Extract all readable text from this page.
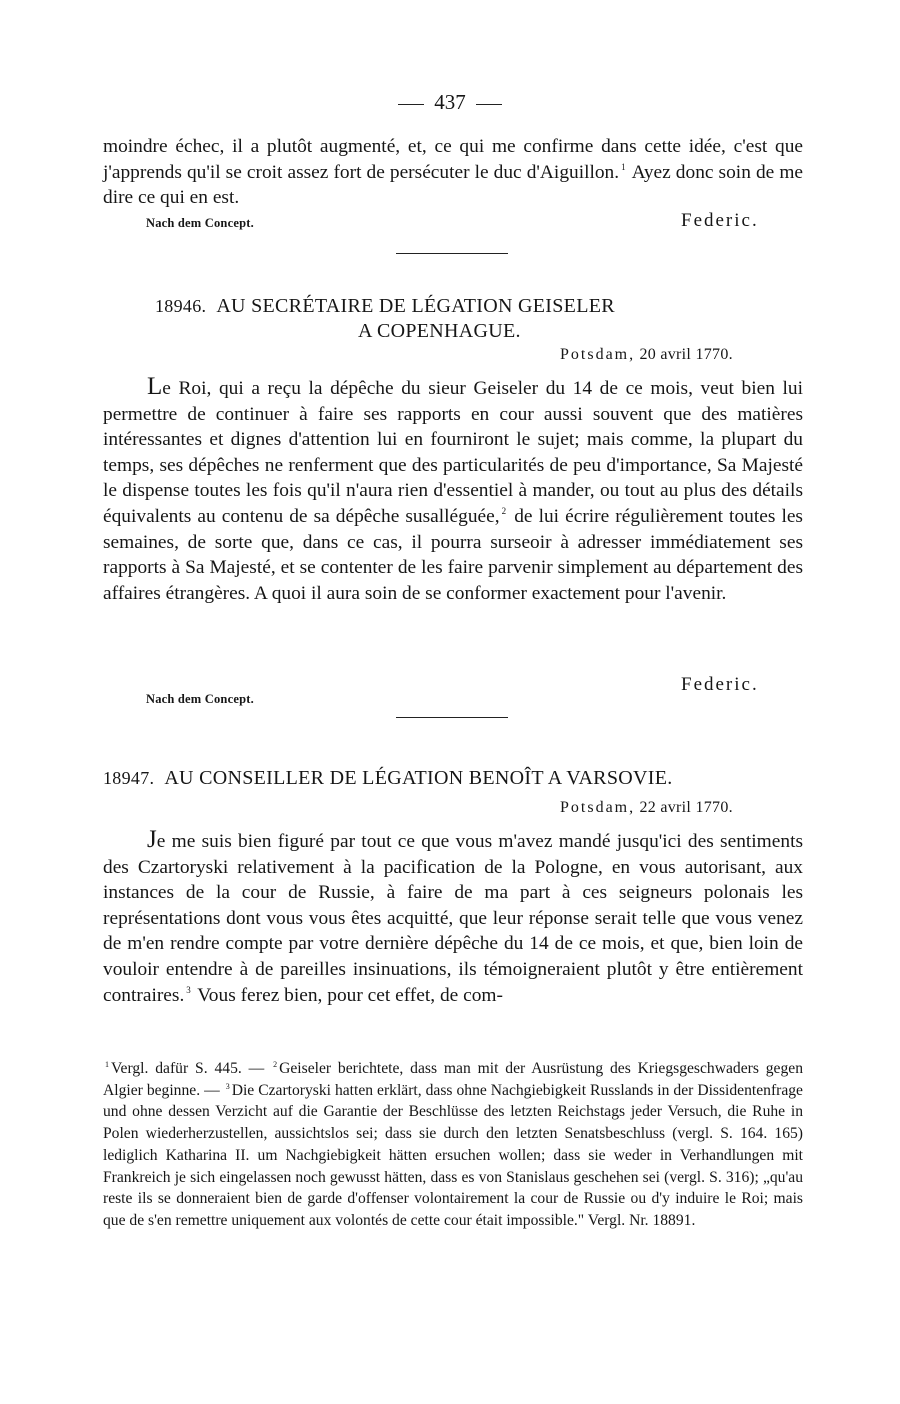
437
moindre échec, il a plutôt augmenté, et, ce qui me confirme dans cette idée, c'est que j'apprends qu'il se croit assez fort de persécuter le duc d'Aiguillon. $^1$ Ayez donc soin de me dire ce qui en est.
Nach dem Concept.	Federic.
18946. AU SECRÉTAIRE DE LÉGATION GEISELER
A COPENHAGUE.
Potsdam, 20 avril 1770.
Le Roi, qui a reçu la dépêche du sieur Geiseler du 14 de ce mois, veut bien lui permettre de continuer à faire ses rapports en cour aussi souvent que des matières intéressantes et dignes d'attention lui en fourniront le sujet; mais comme, la plupart du temps, ses dépêches ne renferment que des particularités de peu d'importance, Sa Majesté le dispense toutes les fois qu'il n'aura rien d'essentiel à mander, ou tout au plus des détails équivalents au contenu de sa dépêche susalléguée, $^2$ de lui écrire régulièrement toutes les semaines, de sorte que, dans ce cas, il pourra surseoir à adresser immédiatement ses rapports à Sa Majesté, et se contenter de les faire parvenir simplement au département des affaires étrangères. A quoi il aura soin de se conformer exactement pour l'avenir.
Federic.
Nach dem Concept.
18947. AU CONSEILLER DE LÉGATION BENOÎT A VARSOVIE.
Potsdam, 22 avril 1770.
Je me suis bien figuré par tout ce que vous m'avez mandé jusqu'ici des sentiments des Czartoryski relativement à la pacification de la Pologne, en vous autorisant, aux instances de la cour de Russie, à faire de ma part à ces seigneurs polonais les représentations dont vous vous êtes acquitté, que leur réponse serait telle que vous venez de m'en rendre compte par votre dernière dépêche du 14 de ce mois, et que, bien loin de vouloir entendre à de pareilles insinuations, ils témoigneraient plutôt y être entièrement contraires. $^3$ Vous ferez bien, pour cet effet, de com-
$^1$ Vergl. dafür S. 445. — $^2$ Geiseler berichtete, dass man mit der Ausrüstung des Kriegsgeschwaders gegen Algier beginne. — $^3$ Die Czartoryski hatten erklärt, dass ohne Nachgiebigkeit Russlands in der Dissidentenfrage und ohne dessen Verzicht auf die Garantie der Beschlüsse des letzten Reichstags jeder Versuch, die Ruhe in Polen wiederherzustellen, aussichtslos sei; dass sie durch den letzten Senatsbeschluss (vergl. S. 164. 165) lediglich Katharina II. um Nachgiebigkeit hätten ersuchen wollen; dass sie weder in Verhandlungen mit Frankreich je sich eingelassen noch gewusst hätten, dass es von Stanislaus geschehen sei (vergl. S. 316); „qu'au reste ils se donneraient bien de garde d'offenser volontairement la cour de Russie ou d'y induire le Roi; mais que de s'en remettre uniquement aux volontés de cette cour était impossible." Vergl. Nr. 18891.
